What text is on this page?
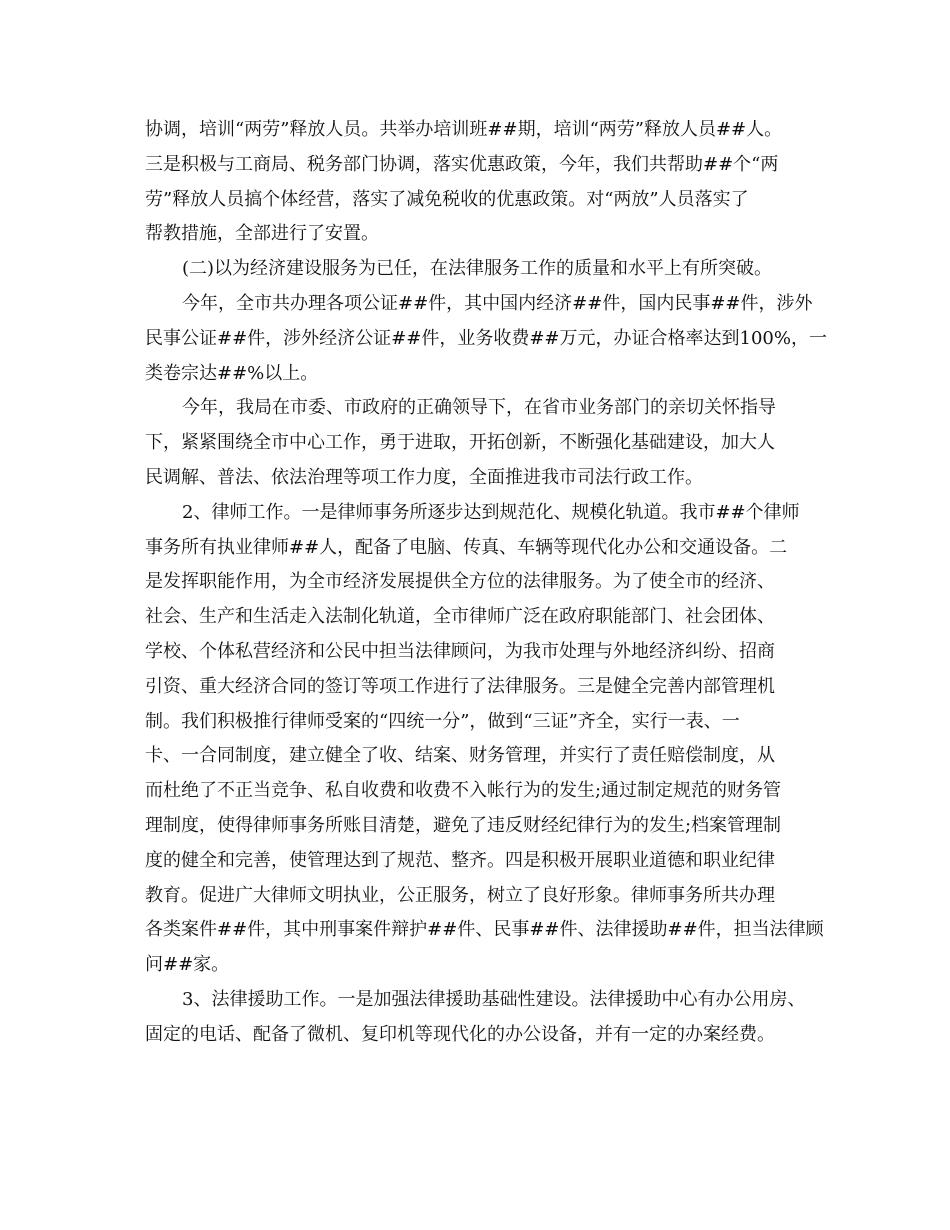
协调，培训“两劳”释放人员。共举办培训班##期，培训“两劳”释放人员##人。
三是积极与工商局、税务部门协调，落实优惠政策，今年，我们共帮助##个“两
劳”释放人员搞个体经营，落实了减免税收的优惠政策。对“两放”人员落实了
帮教措施，全部进行了安置。
(二)以为经济建设服务为已任，在法律服务工作的质量和水平上有所突破。
今年，全市共办理各项公证##件，其中国内经济##件，国内民事##件，涉外
民事公证##件，涉外经济公证##件，业务收费##万元，办证合格率达到100%，一
类卷宗达##%以上。
今年，我局在市委、市政府的正确领导下，在省市业务部门的亲切关怀指导
下，紧紧围绕全市中心工作，勇于进取，开拓创新，不断强化基础建设，加大人
民调解、普法、依法治理等项工作力度，全面推进我市司法行政工作。
2、律师工作。一是律师事务所逐步达到规范化、规模化轨道。我市##个律师
事务所有执业律师##人，配备了电脑、传真、车辆等现代化办公和交通设备。二
是发挥职能作用，为全市经济发展提供全方位的法律服务。为了使全市的经济、
社会、生产和生活走入法制化轨道，全市律师广泛在政府职能部门、社会团体、
学校、个体私营经济和公民中担当法律顾问，为我市处理与外地经济纠纷、招商
引资、重大经济合同的签订等项工作进行了法律服务。三是健全完善内部管理机
制。我们积极推行律师受案的“四统一分”，做到“三证”齐全，实行一表、一
卡、一合同制度，建立健全了收、结案、财务管理，并实行了责任赔偿制度，从
而杜绝了不正当竞争、私自收费和收费不入帐行为的发生;通过制定规范的财务管
理制度，使得律师事务所账目清楚，避免了违反财经纪律行为的发生;档案管理制
度的健全和完善，使管理达到了规范、整齐。四是积极开展职业道德和职业纪律
教育。促进广大律师文明执业，公正服务，树立了良好形象。律师事务所共办理
各类案件##件，其中刑事案件辩护##件、民事##件、法律援助##件，担当法律顾
问##家。
3、法律援助工作。一是加强法律援助基础性建设。法律援助中心有办公用房、
固定的电话、配备了微机、复印机等现代化的办公设备，并有一定的办案经费。
